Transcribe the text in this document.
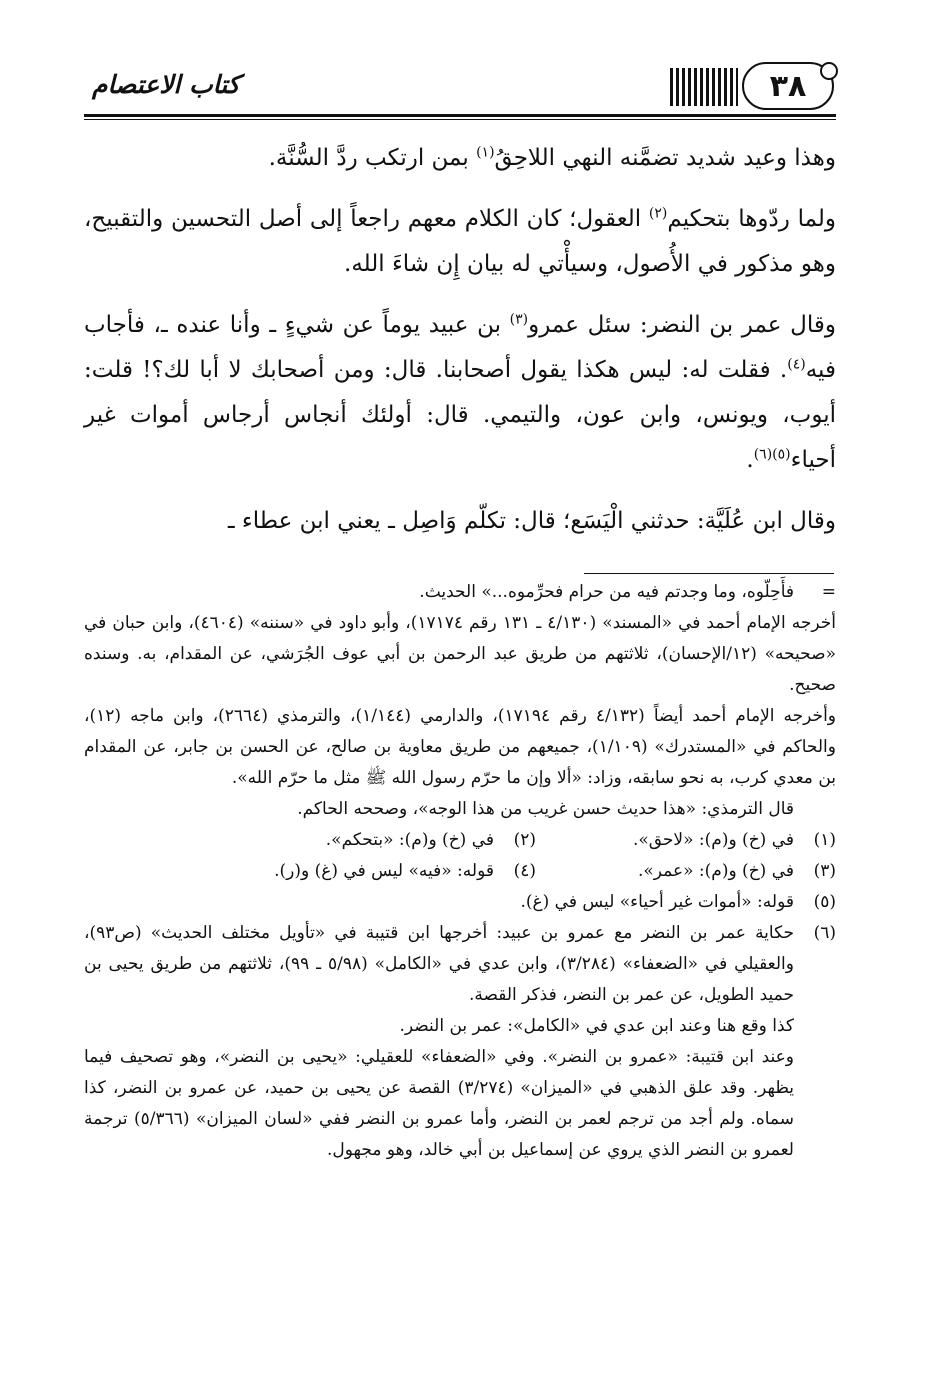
٣٨
كتاب الاعتصام

وهذا وعيد شديد تضمَّنه النهي اللاحِقُ$^{(١)}$ بمن ارتكب ردَّ السُّنَّة.

ولما ردّوها بتحكيم$^{(٢)}$ العقول؛ كان الكلام معهم راجعاً إلى أصل التحسين والتقبيح، وهو مذكور في الأُصول، وسيأْتي له بيان إِن شاءَ الله.

وقال عمر بن النضر: سئل عمرو$^{(٣)}$ بن عبيد يوماً عن شيءٍ ـ وأنا عنده ـ، فأجاب فيه$^{(٤)}$. فقلت له: ليس هكذا يقول أصحابنا. قال: ومن أصحابك لا أبا لك؟! قلت: أيوب، ويونس، وابن عون، والتيمي. قال: أولئك أنجاس أرجاس أموات غير أحياء$^{(٥)(٦)}$.

وقال ابن عُلَيَّة: حدثني الْيَسَع؛ قال: تكلّم وَاصِل ـ يعني ابن عطاء ـ

=
فأَحِلّوه، وما وجدتم فيه من حرام فحرِّموه...» الحديث.

أخرجه الإمام أحمد في «المسند» (٤/١٣٠ ـ ١٣١ رقم ١٧١٧٤)، وأبو داود في «سننه» (٤٦٠٤)، وابن حبان في «صحيحه» (١٢/الإحسان)، ثلاثتهم من طريق عبد الرحمن بن أبي عوف الجُرَشي، عن المقدام، به. وسنده صحيح.

وأخرجه الإمام أحمد أيضاً (٤/١٣٢ رقم ١٧١٩٤)، والدارمي (١/١٤٤)، والترمذي (٢٦٦٤)، وابن ماجه (١٢)، والحاكم في «المستدرك» (١/١٠٩)، جميعهم من طريق معاوية بن صالح، عن الحسن بن جابر، عن المقدام بن معدي كرب، به نحو سابقه، وزاد: «ألا وإن ما حرّم رسول الله ﷺ مثل ما حرّم الله».

قال الترمذي: «هذا حديث حسن غريب من هذا الوجه»، وصححه الحاكم.

(١)
في (خ) و(م): «لاحق».
(٢)
في (خ) و(م): «بتحكم».
(٣)
في (خ) و(م): «عمر».
(٤)
قوله: «فيه» ليس في (غ) و(ر).
(٥)
قوله: «أموات غير أحياء» ليس في (غ).
(٦)
حكاية عمر بن النضر مع عمرو بن عبيد: أخرجها ابن قتيبة في «تأويل مختلف الحديث» (ص٩٣)، والعقيلي في «الضعفاء» (٣/٢٨٤)، وابن عدي في «الكامل» (٥/٩٨ ـ ٩٩)، ثلاثتهم من طريق يحيى بن حميد الطويل، عن عمر بن النضر، فذكر القصة.

كذا وقع هنا وعند ابن عدي في «الكامل»: عمر بن النضر.

وعند ابن قتيبة: «عمرو بن النضر». وفي «الضعفاء» للعقيلي: «يحيى بن النضر»، وهو تصحيف فيما يظهر. وقد علق الذهبي في «الميزان» (٣/٢٧٤) القصة عن يحيى بن حميد، عن عمرو بن النضر، كذا سماه. ولم أجد من ترجم لعمر بن النضر، وأما عمرو بن النضر ففي «لسان الميزان» (٥/٣٦٦) ترجمة لعمرو بن النضر الذي يروي عن إسماعيل بن أبي خالد، وهو مجهول.
